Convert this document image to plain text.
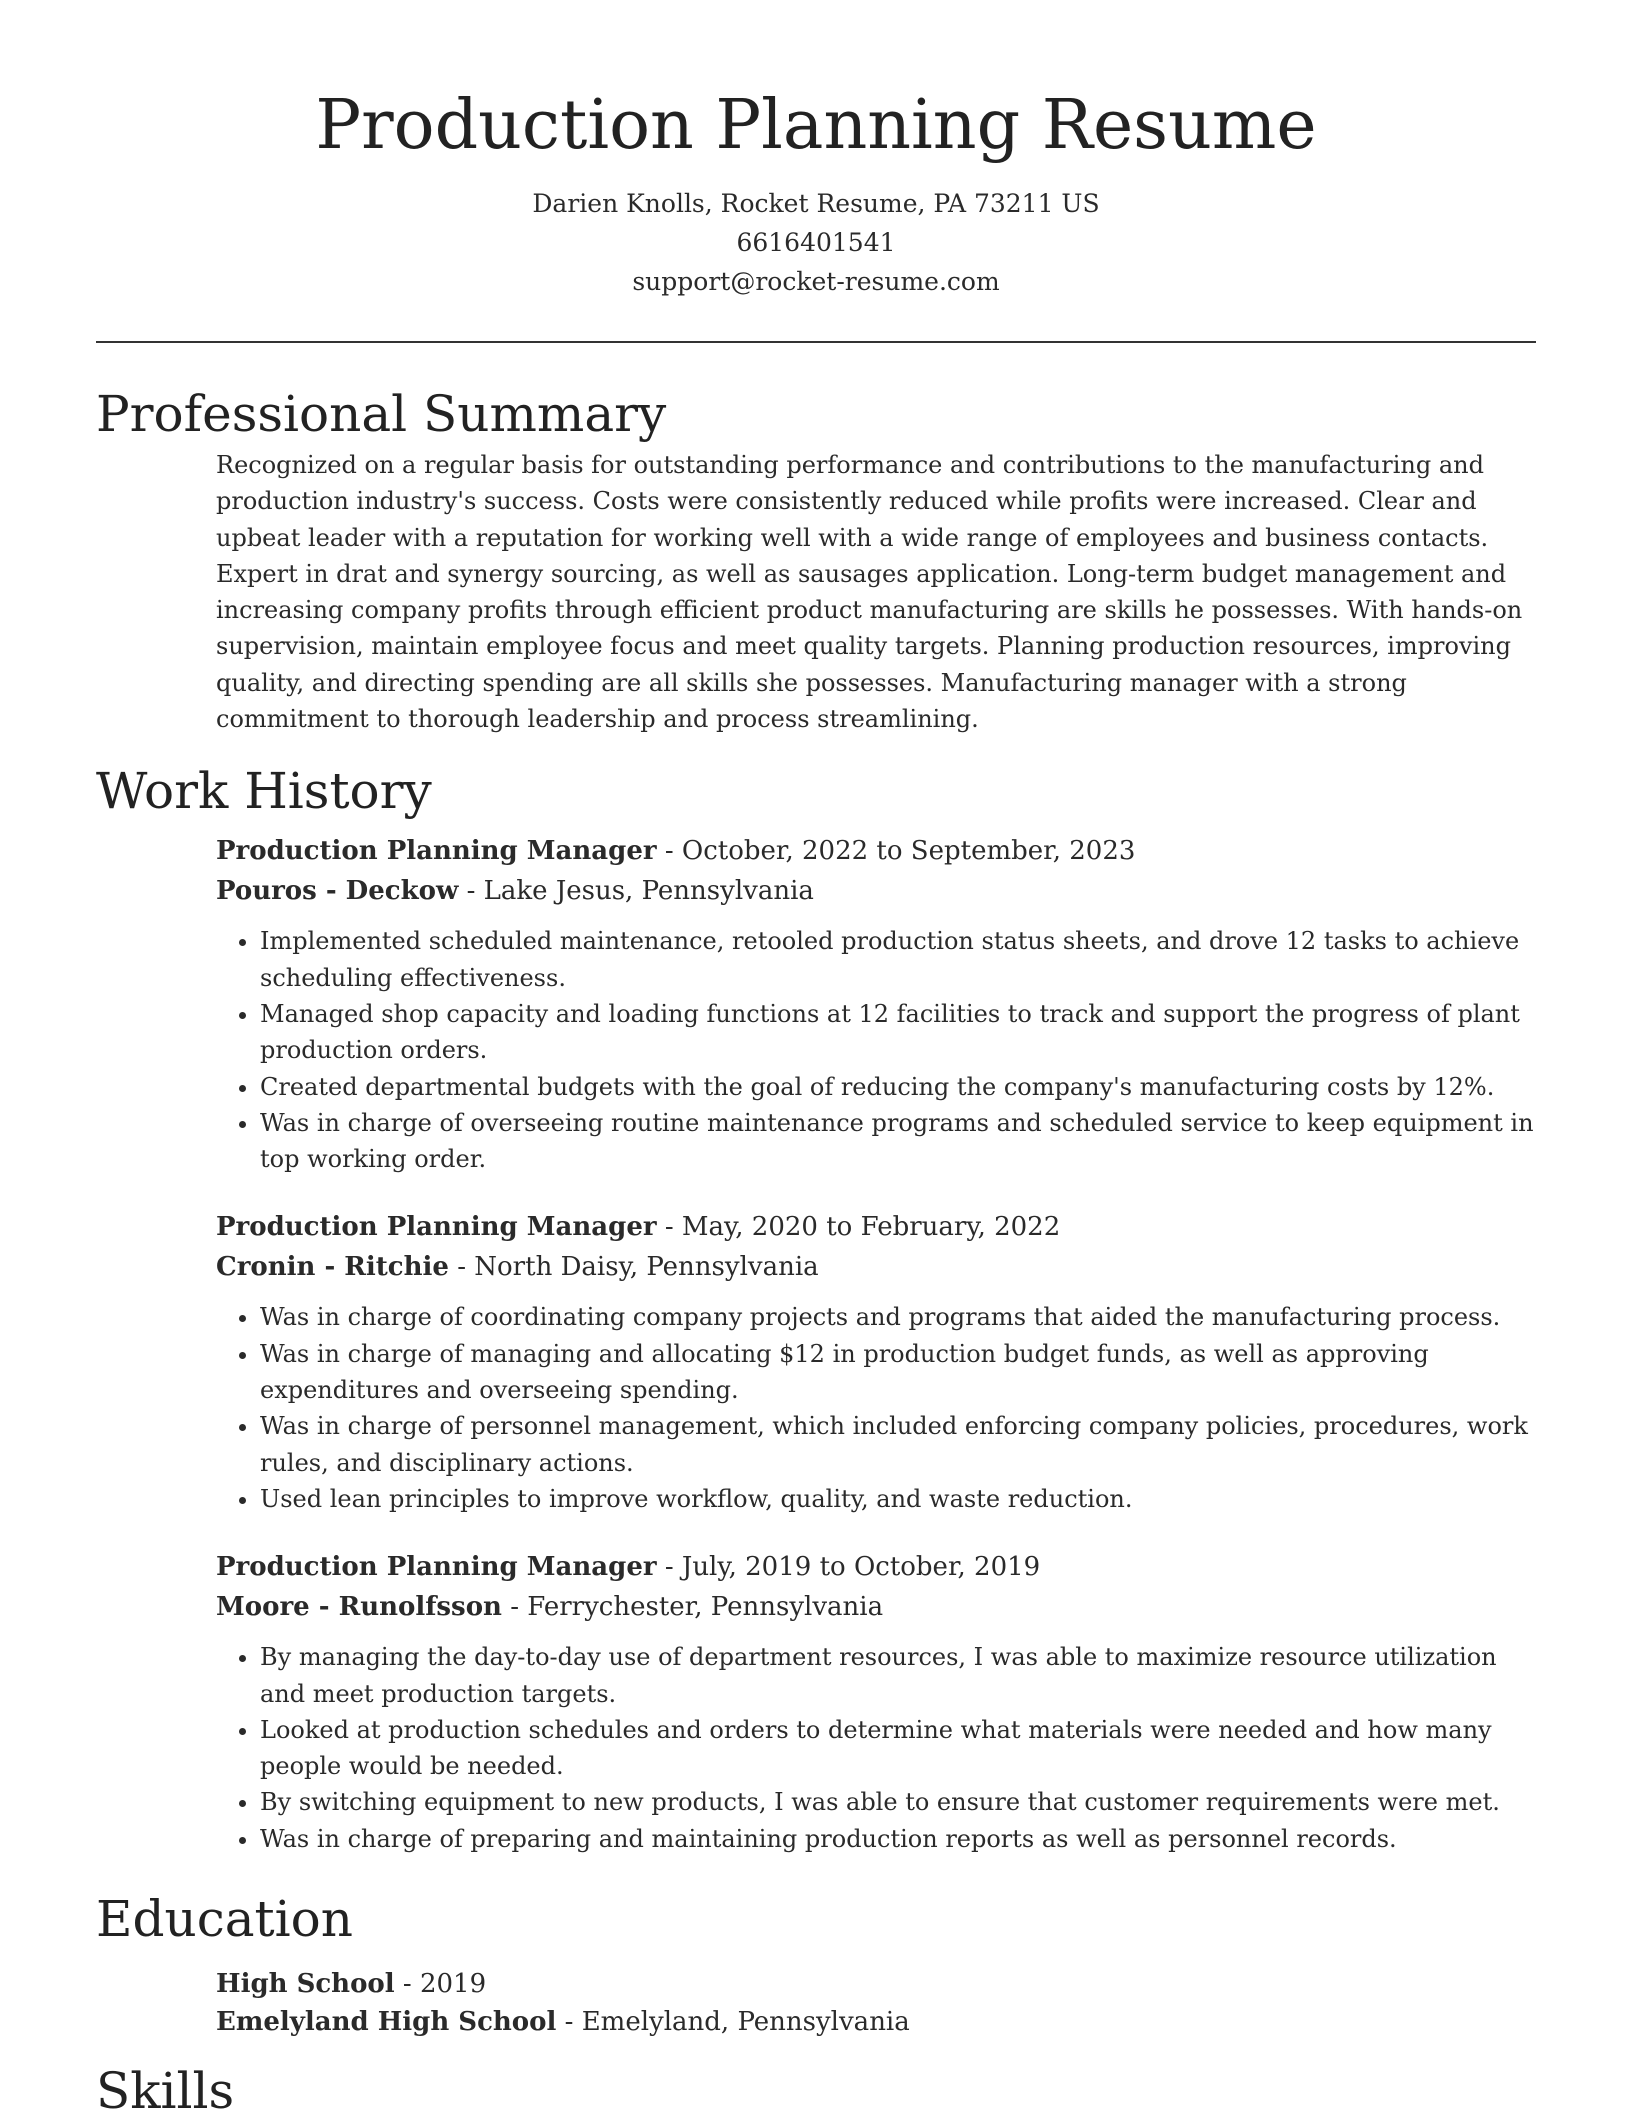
Production Planning Resume
Darien Knolls, Rocket Resume, PA 73211 US
6616401541
support@rocket-resume.com
Professional Summary

Recognized on a regular basis for outstanding performance and contributions to the manufacturing and production industry's success. Costs were consistently reduced while profits were increased. Clear and upbeat leader with a reputation for working well with a wide range of employees and business contacts. Expert in drat and synergy sourcing, as well as sausages application. Long-term budget management and increasing company profits through efficient product manufacturing are skills he possesses. With hands-on supervision, maintain employee focus and meet quality targets. Planning production resources, improving quality, and directing spending are all skills she possesses. Manufacturing manager with a strong commitment to thorough leadership and process streamlining.

Work History
Production Planning Manager - October, 2022 to September, 2023
Pouros - Deckow - Lake Jesus, Pennsylvania
• Implemented scheduled maintenance, retooled production status sheets, and drove 12 tasks to achieve scheduling effectiveness.
• Managed shop capacity and loading functions at 12 facilities to track and support the progress of plant production orders.
• Created departmental budgets with the goal of reducing the company's manufacturing costs by 12%.
• Was in charge of overseeing routine maintenance programs and scheduled service to keep equipment in top working order.
Production Planning Manager - May, 2020 to February, 2022
Cronin - Ritchie - North Daisy, Pennsylvania
• Was in charge of coordinating company projects and programs that aided the manufacturing process.
• Was in charge of managing and allocating $12 in production budget funds, as well as approving expenditures and overseeing spending.
• Was in charge of personnel management, which included enforcing company policies, procedures, work rules, and disciplinary actions.
• Used lean principles to improve workflow, quality, and waste reduction.
Production Planning Manager - July, 2019 to October, 2019
Moore - Runolfsson - Ferrychester, Pennsylvania
• By managing the day-to-day use of department resources, I was able to maximize resource utilization and meet production targets.
• Looked at production schedules and orders to determine what materials were needed and how many people would be needed.
• By switching equipment to new products, I was able to ensure that customer requirements were met.
• Was in charge of preparing and maintaining production reports as well as personnel records.
Education
High School - 2019
Emelyland High School - Emelyland, Pennsylvania
Skills
